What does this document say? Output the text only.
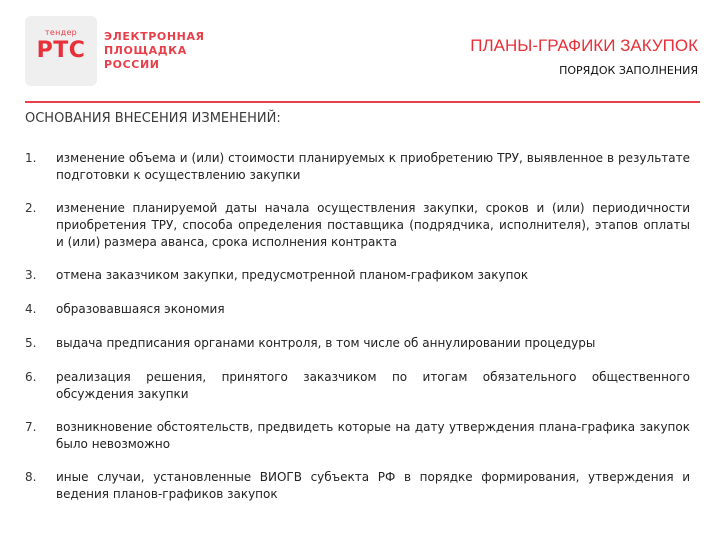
тендер
РТС
ЭЛЕКТРОННАЯ
ПЛОЩАДКА
РОССИИ
ПЛАНЫ-ГРАФИКИ ЗАКУПОК
ПОРЯДОК ЗАПОЛНЕНИЯ
ОСНОВАНИЯ ВНЕСЕНИЯ ИЗМЕНЕНИЙ:
1.	изменение объема и (или) стоимости планируемых к приобретению ТРУ, выявленное в результате подготовки к осуществлению закупки
2.	изменение планируемой даты начала осуществления закупки, сроков и (или) периодичности приобретения ТРУ, способа определения поставщика (подрядчика, исполнителя), этапов оплаты и (или) размера аванса, срока исполнения контракта
3.	отмена заказчиком закупки, предусмотренной планом-графиком закупок
4.	образовавшаяся экономия
5.	выдача предписания органами контроля, в том числе об аннулировании процедуры
6.	реализация решения, принятого заказчиком по итогам обязательного общественного обсуждения закупки
7.	возникновение обстоятельств, предвидеть которые на дату утверждения плана-графика закупок было невозможно
8.	иные случаи, установленные ВИОГВ субъекта РФ в порядке формирования, утверждения и ведения планов-графиков закупок
